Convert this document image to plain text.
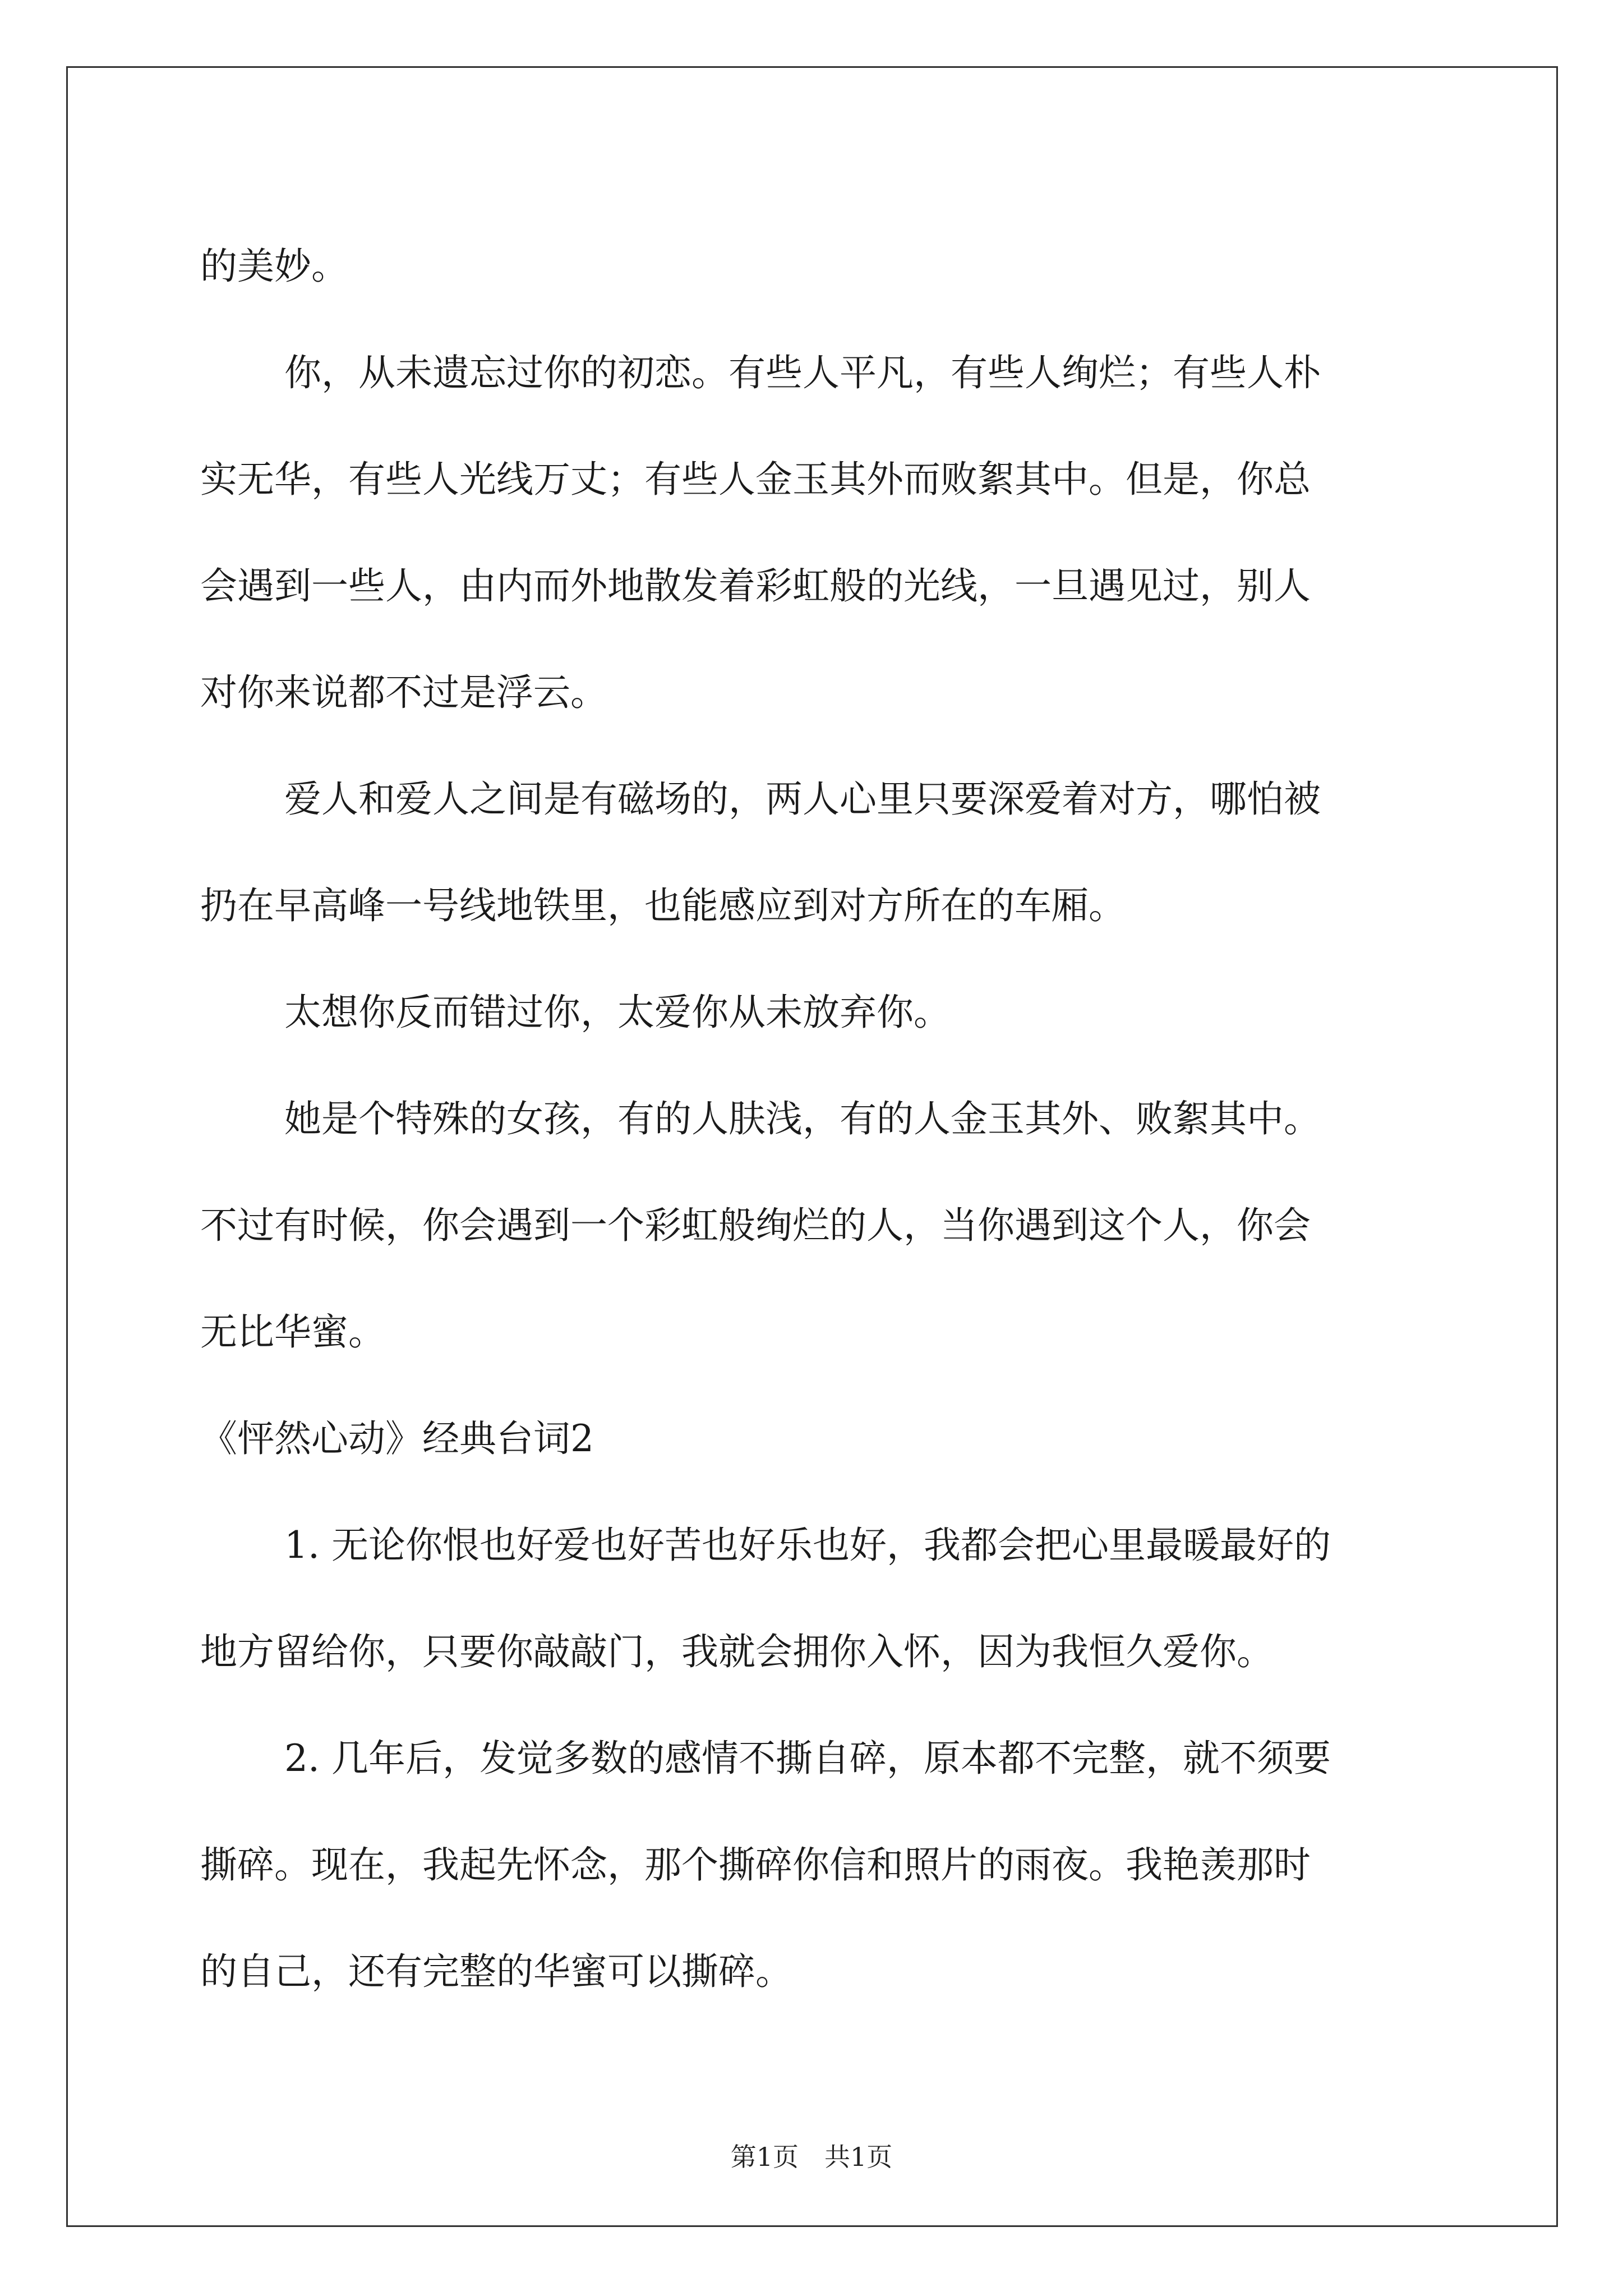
的美妙。
你，从未遗忘过你的初恋。有些人平凡，有些人绚烂；有些人朴
实无华，有些人光线万丈；有些人金玉其外而败絮其中。但是，你总
会遇到一些人，由内而外地散发着彩虹般的光线，一旦遇见过，别人
对你来说都不过是浮云。
爱人和爱人之间是有磁场的，两人心里只要深爱着对方，哪怕被
扔在早高峰一号线地铁里，也能感应到对方所在的车厢。
太想你反而错过你，太爱你从未放弃你。
她是个特殊的女孩，有的人肤浅，有的人金玉其外、败絮其中。
不过有时候，你会遇到一个彩虹般绚烂的人，当你遇到这个人，你会
无比华蜜。
《怦然心动》经典台词2
1. 无论你恨也好爱也好苦也好乐也好，我都会把心里最暖最好的
地方留给你，只要你敲敲门，我就会拥你入怀，因为我恒久爱你。
2. 几年后，发觉多数的感情不撕自碎，原本都不完整，就不须要
撕碎。现在，我起先怀念，那个撕碎你信和照片的雨夜。我艳羡那时
的自己，还有完整的华蜜可以撕碎。
第1页　共1页
